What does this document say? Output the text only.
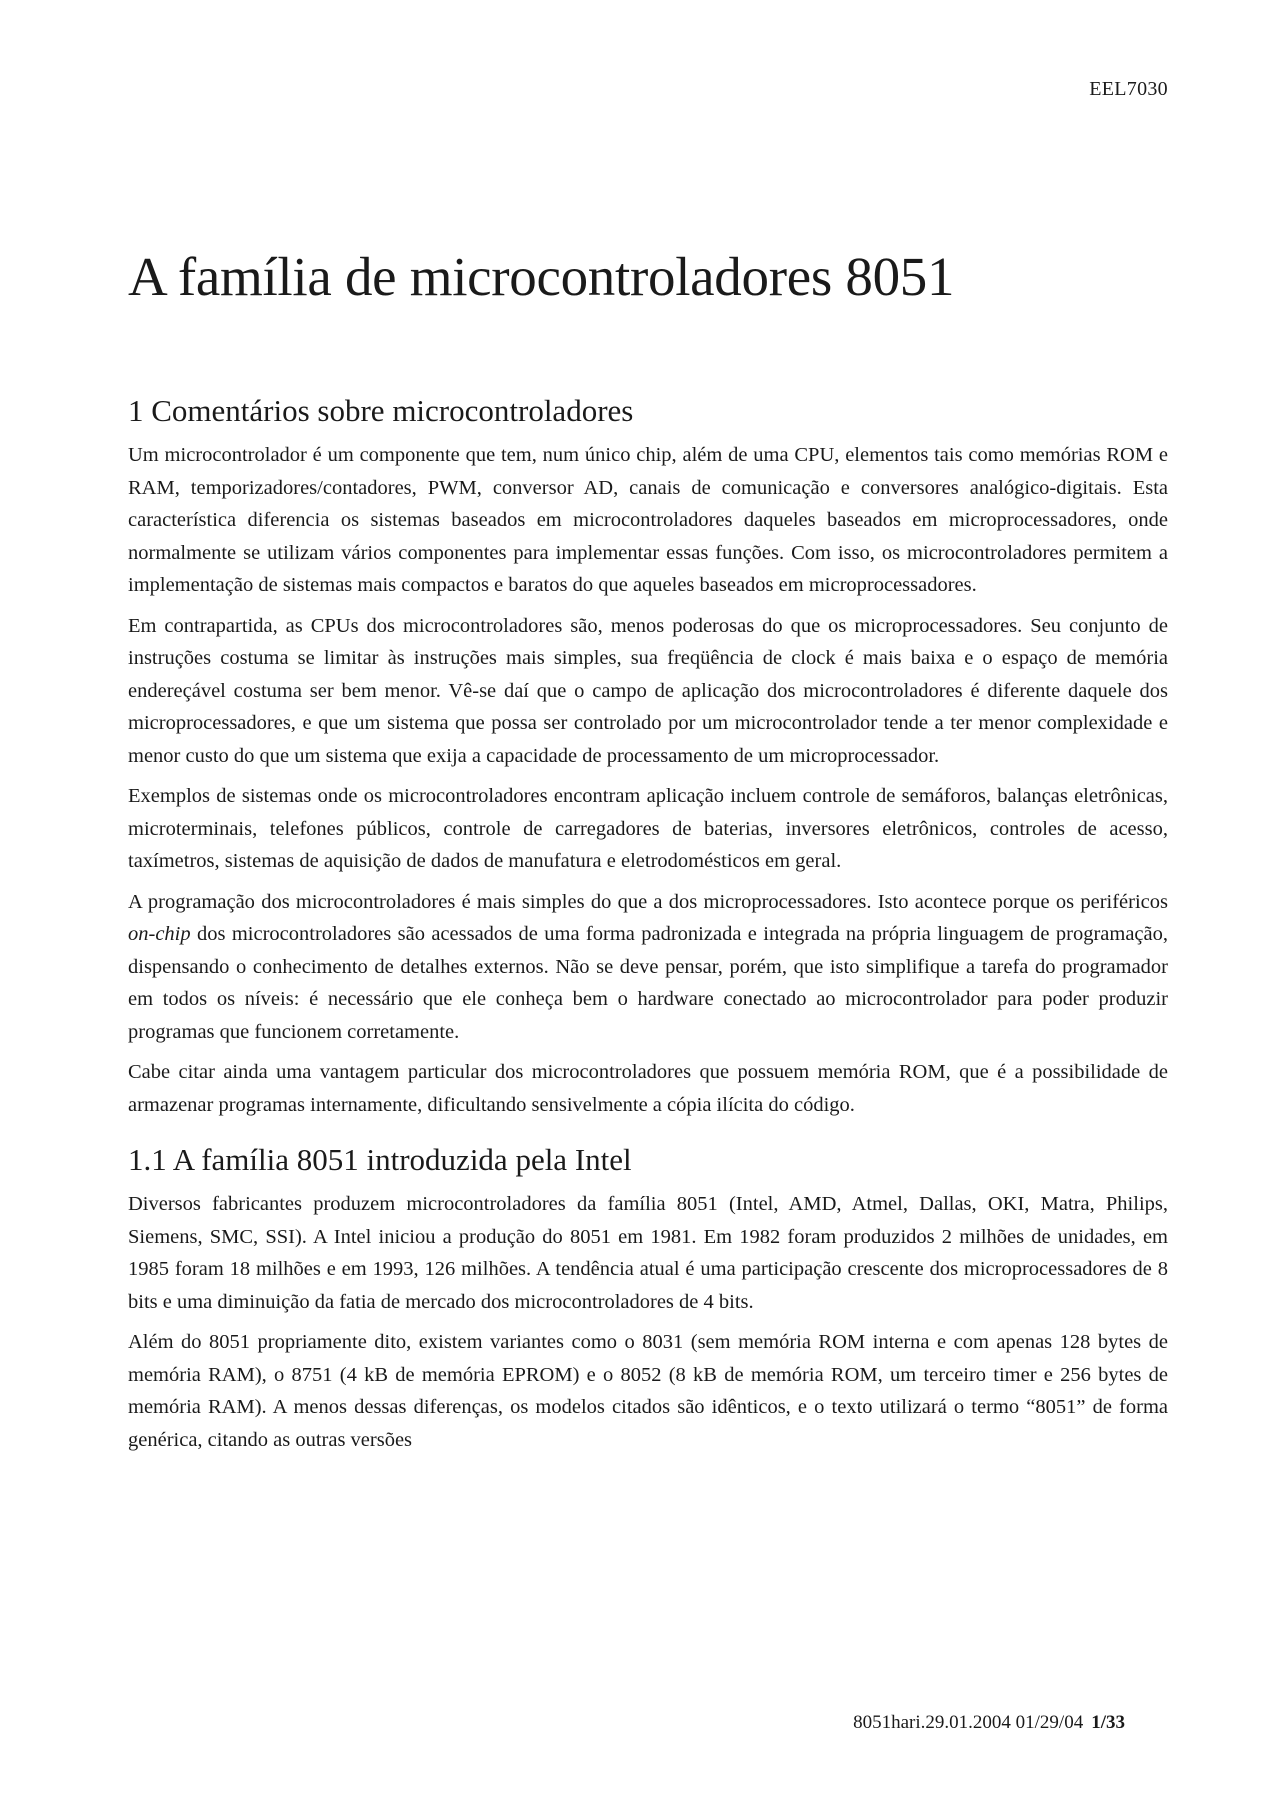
EEL7030
A família de microcontroladores 8051
1 Comentários sobre microcontroladores

Um microcontrolador é um componente que tem, num único chip, além de uma CPU, elementos tais como memórias ROM e RAM, temporizadores/contadores, PWM, conversor AD, canais de comunicação e conversores analógico-digitais. Esta característica diferencia os sistemas baseados em microcontroladores daqueles baseados em microprocessadores, onde normalmente se utilizam vários componentes para implementar essas funções. Com isso, os microcontroladores permitem a implementação de sistemas mais compactos e baratos do que aqueles baseados em microprocessadores.

Em contrapartida, as CPUs dos microcontroladores são, menos poderosas do que os microprocessadores. Seu conjunto de instruções costuma se limitar às instruções mais simples, sua freqüência de clock é mais baixa e o espaço de memória endereçável costuma ser bem menor. Vê-se daí que o campo de aplicação dos microcontroladores é diferente daquele dos microprocessadores, e que um sistema que possa ser controlado por um microcontrolador tende a ter menor complexidade e menor custo do que um sistema que exija a capacidade de processamento de um microprocessador.

Exemplos de sistemas onde os microcontroladores encontram aplicação incluem controle de semáforos, balanças eletrônicas, microterminais, telefones públicos, controle de carregadores de baterias, inversores eletrônicos, controles de acesso, taxímetros, sistemas de aquisição de dados de manufatura e eletrodomésticos em geral.

A programação dos microcontroladores é mais simples do que a dos microprocessadores. Isto acontece porque os periféricos on-chip dos microcontroladores são acessados de uma forma padronizada e integrada na própria linguagem de programação, dispensando o conhecimento de detalhes externos. Não se deve pensar, porém, que isto simplifique a tarefa do programador em todos os níveis: é necessário que ele conheça bem o hardware conectado ao microcontrolador para poder produzir programas que funcionem corretamente.

Cabe citar ainda uma vantagem particular dos microcontroladores que possuem memória ROM, que é a possibilidade de armazenar programas internamente, dificultando sensivelmente a cópia ilícita do código.

1.1 A família 8051 introduzida pela Intel

Diversos fabricantes produzem microcontroladores da família 8051 (Intel, AMD, Atmel, Dallas, OKI, Matra, Philips, Siemens, SMC, SSI). A Intel iniciou a produção do 8051 em 1981. Em 1982 foram produzidos 2 milhões de unidades, em 1985 foram 18 milhões e em 1993, 126 milhões. A tendência atual é uma participação crescente dos microprocessadores de 8 bits e uma diminuição da fatia de mercado dos microcontroladores de 4 bits.

Além do 8051 propriamente dito, existem variantes como o 8031 (sem memória ROM interna e com apenas 128 bytes de memória RAM), o 8751 (4 kB de memória EPROM) e o 8052 (8 kB de memória ROM, um terceiro timer e 256 bytes de memória RAM). A menos dessas diferenças, os modelos citados são idênticos, e o texto utilizará o termo “8051” de forma genérica, citando as outras versões

8051hari.29.01.2004 01/29/04 1/33
